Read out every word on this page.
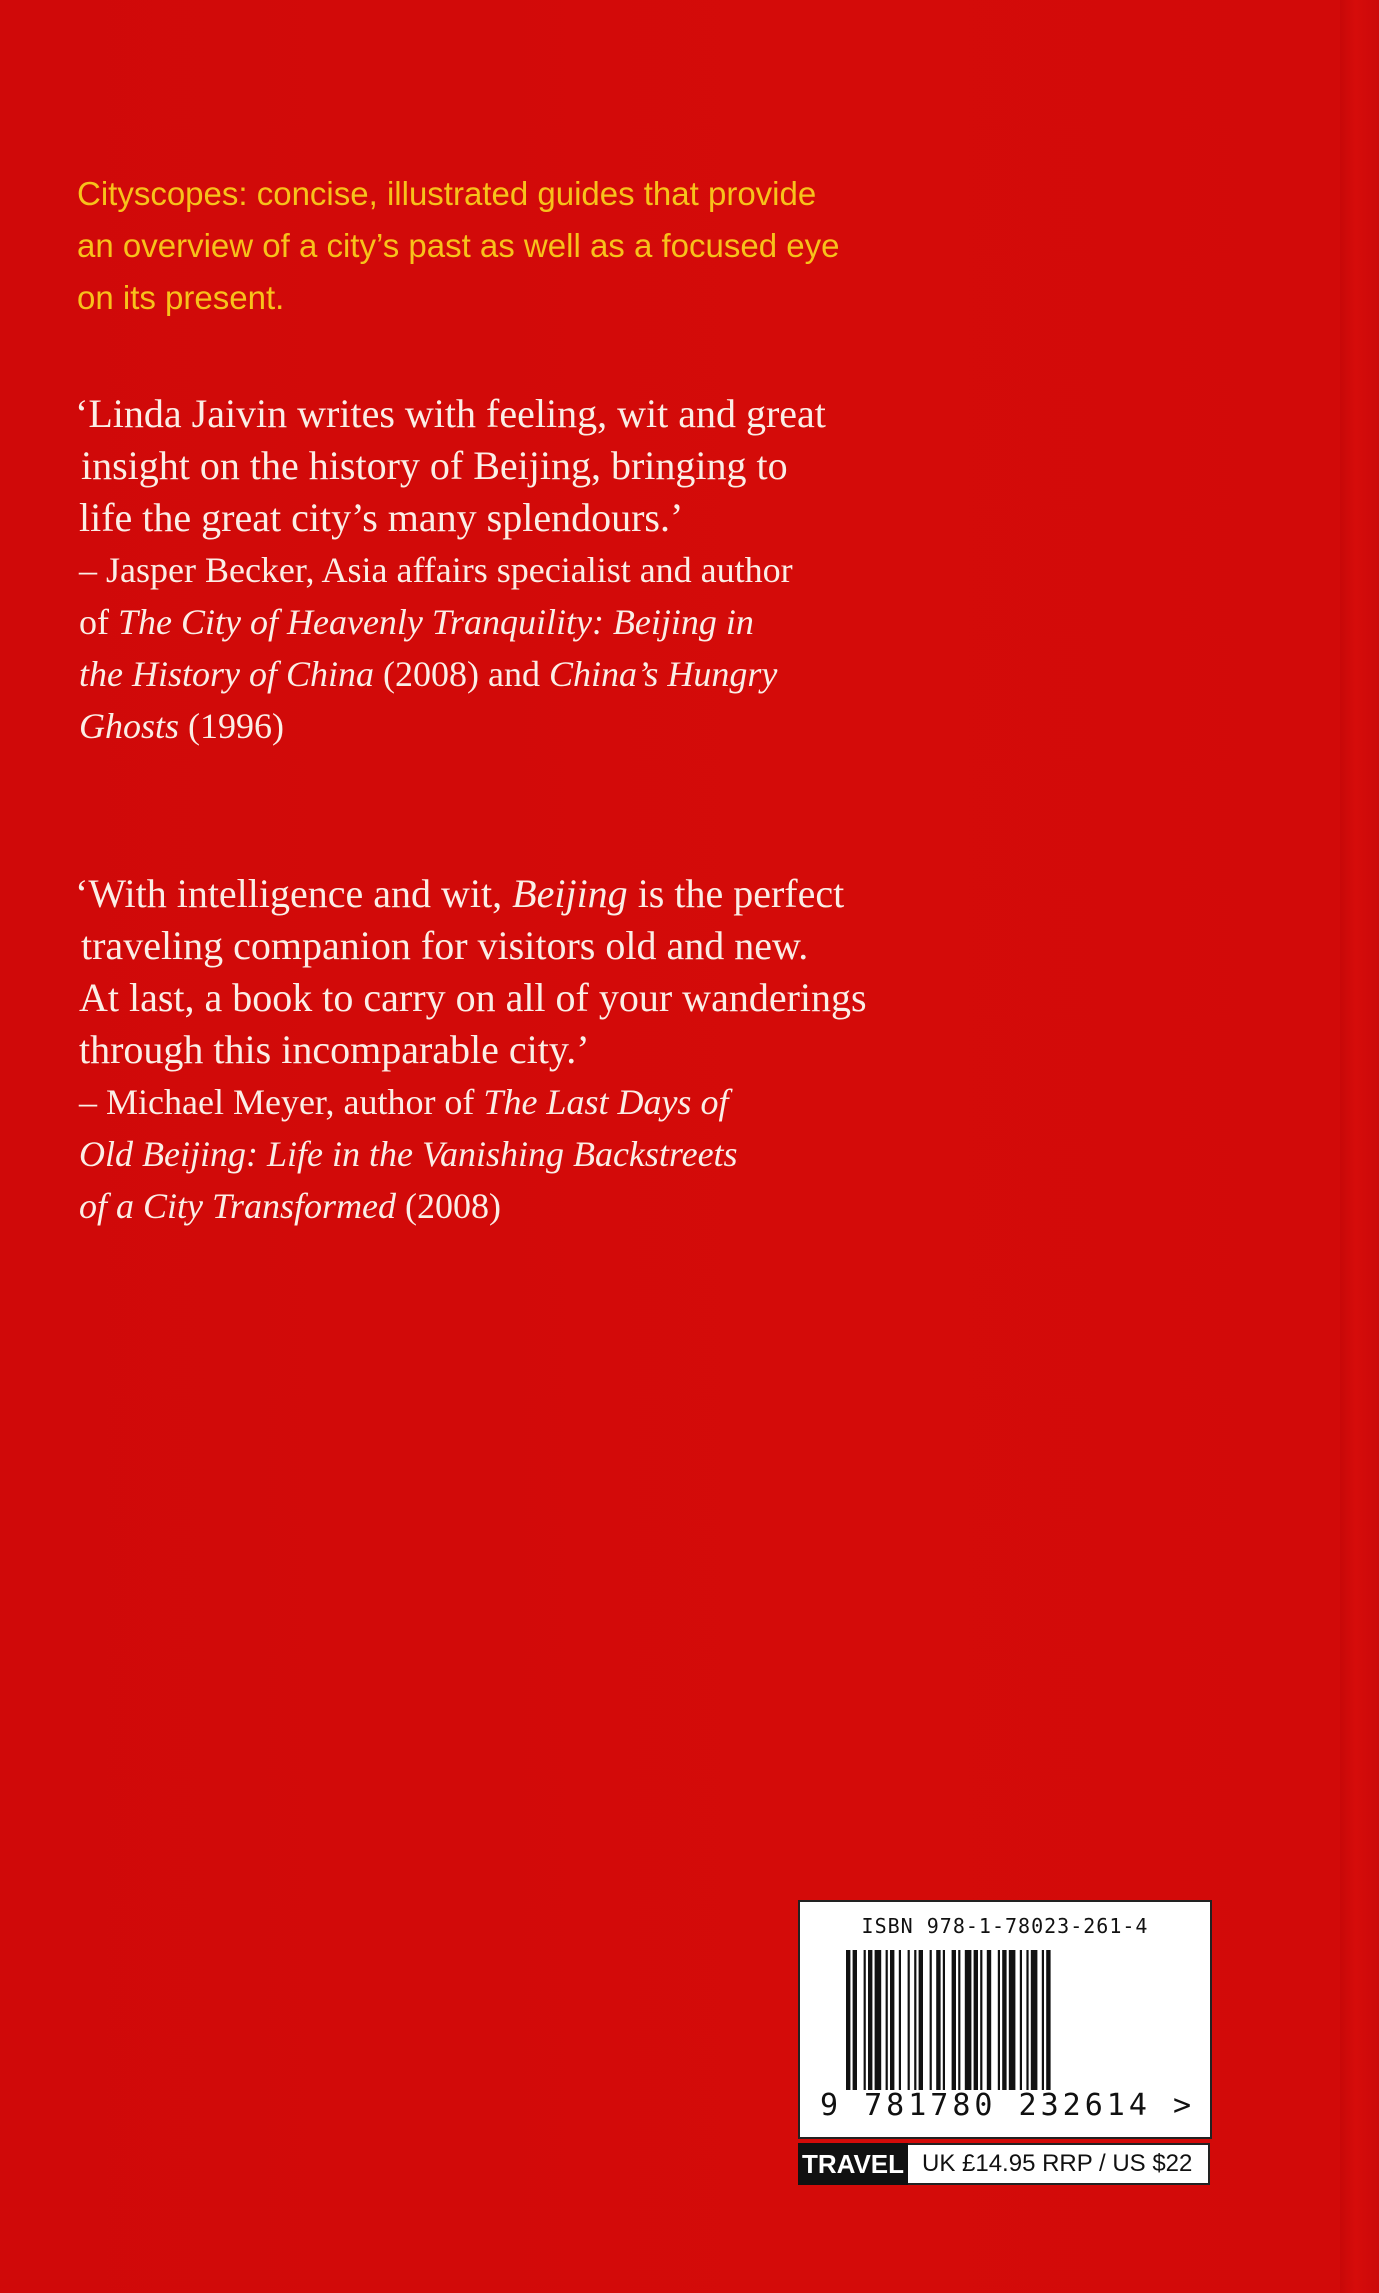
Cityscopes: concise, illustrated guides that provide
an overview of a city’s past as well as a focused eye
on its present.
‘Linda Jaivin writes with feeling, wit and great
insight on the history of Beijing, bringing to
life the great city’s many splendours.’
– Jasper Becker, Asia affairs specialist and author
of The City of Heavenly Tranquility: Beijing in
the History of China (2008) and China’s Hungry
Ghosts (1996)
‘With intelligence and wit, Beijing is the perfect
traveling companion for visitors old and new.
At last, a book to carry on all of your wanderings
through this incomparable city.’
– Michael Meyer, author of The Last Days of
Old Beijing: Life in the Vanishing Backstreets
of a City Transformed (2008)
ISBN 978-1-78023-261-4
9 781780 232614 >
TRAVEL UK £14.95 RRP / US $22
